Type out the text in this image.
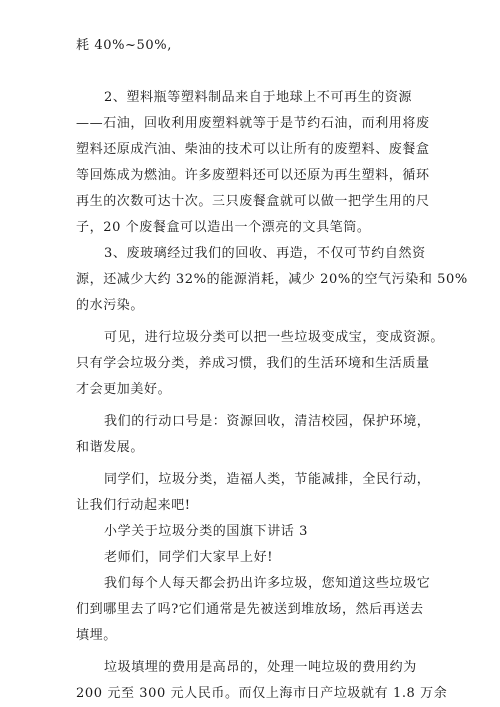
耗 40%~50%,
2、塑料瓶等塑料制品来自于地球上不可再生的资源
——石油，回收利用废塑料就等于是节约石油，而利用将废
塑料还原成汽油、柴油的技术可以让所有的废塑料、废餐盒
等回炼成为燃油。许多废塑料还可以还原为再生塑料，循环
再生的次数可达十次。三只废餐盒就可以做一把学生用的尺
子，20 个废餐盒可以造出一个漂亮的文具笔筒。
3、废玻璃经过我们的回收、再造，不仅可节约自然资
源，还减少大约 32%的能源消耗，减少 20%的空气污染和 50%
的水污染。
可见，进行垃圾分类可以把一些垃圾变成宝，变成资源。
只有学会垃圾分类，养成习惯，我们的生活环境和生活质量
才会更加美好。
我们的行动口号是：资源回收，清洁校园，保护环境，
和谐发展。
同学们，垃圾分类，造福人类，节能减排，全民行动，
让我们行动起来吧!
小学关于垃圾分类的国旗下讲话 3
老师们，同学们大家早上好!
我们每个人每天都会扔出许多垃圾，您知道这些垃圾它
们到哪里去了吗?它们通常是先被送到堆放场，然后再送去
填埋。
垃圾填埋的费用是高昂的，处理一吨垃圾的费用约为
200 元至 300 元人民币。而仅上海市日产垃圾就有 1.8 万余
